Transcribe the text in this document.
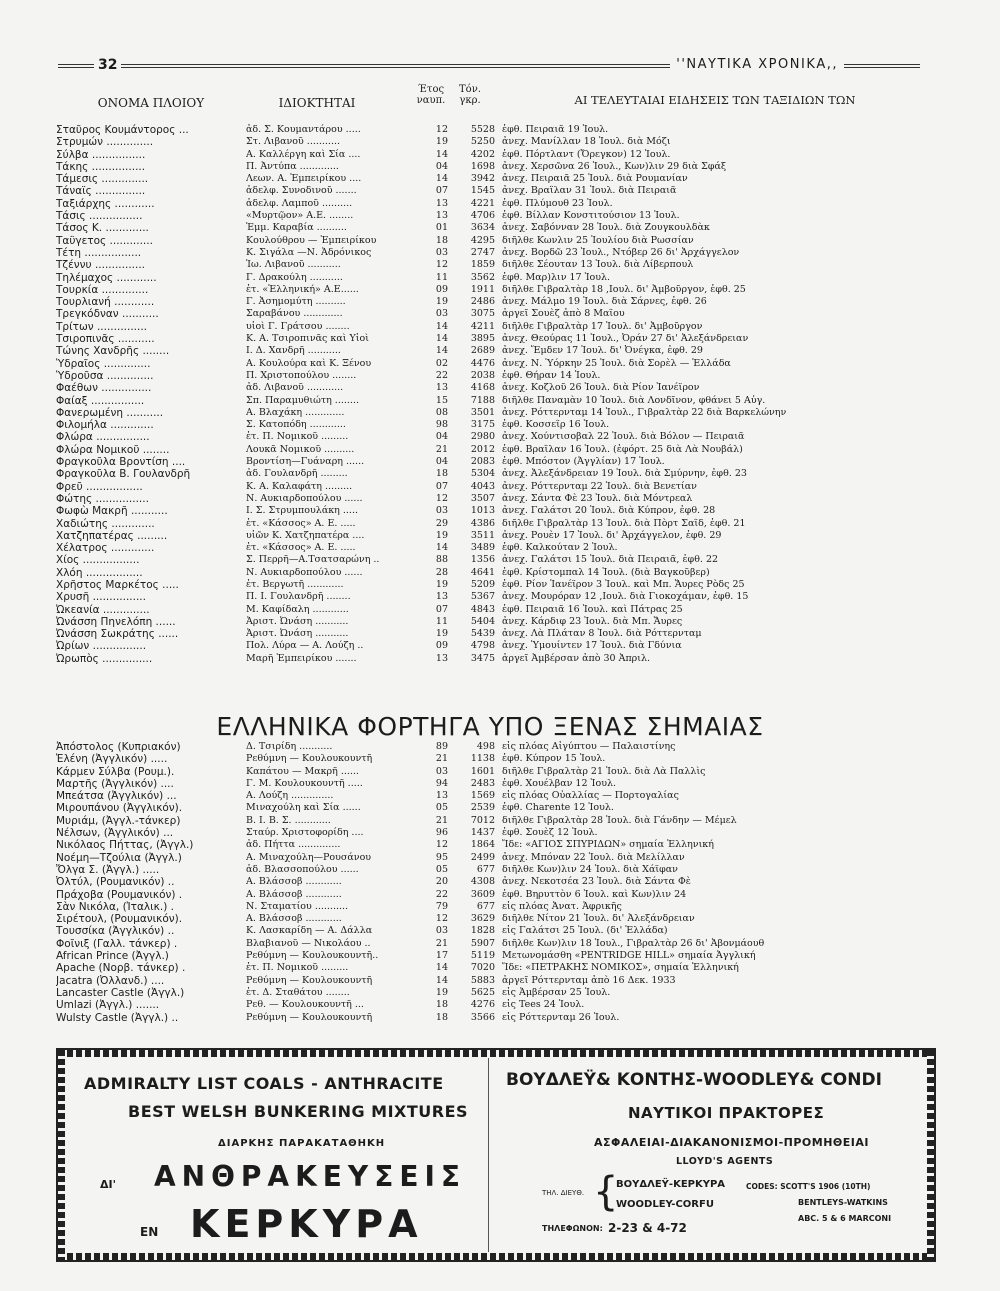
32	''ΝΑΥΤΙΚΑ ΧΡΟΝΙΚΑ,,
ΟΝΟΜΑ ΠΛΟΙΟΥ	ΙΔΙΟΚΤΗΤΑΙ
Έτος ναυπ.
Τόν. γκρ.	ΑΙ ΤΕΛΕΥΤΑΙΑΙ ΕΙΔΗΣΕΙΣ ΤΩΝ ΤΑΞΙΔΙΩΝ ΤΩΝ
Σταῦρος Κουμάντορος ...	ἀδ. Σ. Κουμαντάρου .....	12	5528 ἐφθ. Πειραιᾶ 19 Ἰουλ.
Στρυμών ..............	Στ. Λιβανοῦ ...........	19	5250 ἀνεχ. Μανίλλαν 18 Ἰουλ. διὰ Μόζι
Σύλβα ................	Α. Καλλέργη καὶ Σία ....	14	4202 ἐφθ. Πόρτλαντ (Ὄρεγκον) 12 Ἰουλ.
Τάκης ................	Π. Ἀντύπα .............	04	1698 ἀνεχ. Χερσῶνα 26 Ἰουλ., Κων)λιν 29 διὰ Σφάξ
Τάμεσις ..............	Λεων. Α. Ἐμπειρίκου ....	14	3942 ἀνεχ. Πειραιᾶ 25 Ἰουλ. διὰ Ρουμανίαν
Τάναϊς ...............	ἀδελφ. Συνοδινοῦ .......	07	1545 ἀνεχ. Βραΐλαν 31 Ἰουλ. διὰ Πειραιᾶ
Ταξιάρχης ............	ἀδελφ. Λαμποῦ ..........	13	4221 ἐφθ. Πλύμουθ 23 Ἰουλ.
Τάσις ................	«Μυρτῷον» Α.Ε. ........	13	4706 ἐφθ. Βίλλαν Κονστιτούσιον 13 Ἰουλ.
Τάσος Κ. .............	Ἐμμ. Καραβία ..........	01	3634 ἀνεχ. Σαβόνναν 28 Ἰουλ. διὰ Ζουγκουλδὰκ
Ταΰγετος .............	Κουλούθρου — Ἐμπειρίκου	18	4295 διῆλθε Κωνλιν 25 Ἰουλίου διὰ Ρωσσίαν
Τέτη .................	Κ. Σιγάλα —Ν. Ἀδρόνικος	03	2747 ἀνεχ. Βορδῶ 23 Ἰουλ., Ντόβερ 26 δι' Ἀρχάγγελον
Τζέννυ ...............	Ἰω. Λιβανοῦ ...........	12	1859 διῆλθε Σέουταν 13 Ἰουλ. διὰ Λίβερπουλ
Τηλέμαχος ............	Γ. Δρακούλη ...........	11	3562 ἐφθ. Μαρ)λιν 17 Ἰουλ.
Τουρκία ..............	ἑτ. «Ἑλληνική» Α.Ε......	09	1911 διῆλθε Γιβραλτὰρ 18 ,Ιουλ. δι' Ἀμβοῦργον, ἐφθ. 25
Τουρλιανή ............	Γ. Ἀσημομύτη ..........	19	2486 ἀνεχ. Μάλμο 19 Ἰουλ. διὰ Σάρνες, ἐφθ. 26
Τρεγκόδναν ...........	Σαραβάνου .............	03	3075 ἀργεῖ Σουὲζ ἀπὸ 8 Μαΐου
Τρίτων ...............	υἱοὶ Γ. Γράτσου ........	14	4211 διῆλθε Γιβραλτὰρ 17 Ἰουλ. δι' Ἀμβοῦργον
Τσιροπινᾶς ...........	Κ. Α. Τσιροπινᾶς καὶ Υἱοὶ	14	3895 ἀνεχ. Θεούρας 11 Ἰουλ., Ὀράν 27 δι' Ἀλεξάνδρειαν
Τώνης Χανδρῆς ........	Ι. Δ. Χανδρῆ ...........	14	2689 ἀνεχ. Ἔμδεν 17 Ἰουλ. δι' Ὀνέγκα, ἐφθ. 29
Ὑδραῖος ..............	Α. Κουλούρα καὶ Κ. Ξένου	02	4476 ἀνεχ. Ν. Ὑόρκην 25 Ἰουλ. διὰ Σορὲλ — Ἑλλάδα
Ὑδροῦσα ..............	Π. Χριστοπούλου ........	22	2038 ἐφθ. Θήραν 14 Ἰουλ.
Φαέθων ...............	ἀδ. Λιβανοῦ ............	13	4168 ἀνεχ. Κοζλοῦ 26 Ἰουλ. διὰ Ρίον Ἰανέϊρον
Φαίαξ ................	Σπ. Παραμυθιώτη ........	15	7188 διῆλθε Παναμὰν 10 Ἰουλ. διὰ Λονδῖνον, φθάνει 5 Αὐγ.
Φανερωμένη ...........	Α. Βλαχάκη .............	08	3501 ἀνεχ. Ρόττερνταμ 14 Ἰουλ., Γιβραλτὰρ 22 διὰ Βαρκελώνην
Φιλομήλα .............	Σ. Κατοπόδη ............	98	3175 ἐφθ. Κοσσεΐρ 16 Ἰουλ.
Φλώρα ................	ἑτ. Π. Νομικοῦ .........	04	2980 ἀνεχ. Χούντισοβαλ 22 Ἰουλ. διὰ Βόλον — Πειραιᾶ
Φλώρα Νομικοῦ ........	Λουκᾶ Νομικοῦ ..........	21	2012 ἐφθ. Βραΐλαν 16 Ἰουλ. (ἐφόρτ. 25 διὰ Λὰ Νουβάλ)
Φραγκοῦλα Βροντίση ....	Βροντίση—Γυάναρη ......	04	2083 ἐφθ. Μπόστον (Ἀγγλίαν) 17 Ἰουλ.
Φραγκοῦλα Β. Γουλανδρῆ	ἀδ. Γουλανδρῆ .........	18	5304 ἀνεχ. Ἀλεξάνδρειαν 19 Ἰουλ. διὰ Σμύρνην, ἐφθ. 23
Φρεῦ .................	Κ. Α. Καλαφάτη .........	07	4043 ἀνεχ. Ρόττερνταμ 22 Ἰουλ. διὰ Βενετίαν
Φώτης ................	Ν. Αυκιαρδοπούλου ......	12	3507 ἀνεχ. Σάντα Φὲ 23 Ἰουλ. διὰ Μόντρεαλ
Φωφὼ Μακρῆ ...........	Ι. Σ. Στρυμπουλάκη .....	03	1013 ἀνεχ. Γαλάτσι 20 Ἰουλ. διὰ Κύπρον, ἐφθ. 28
Χαδιώτης .............	ἑτ. «Κάσσος» Α. Ε. .....	29	4386 διῆλθε Γιβραλτὰρ 13 Ἰουλ. διὰ Πὸρτ Σαΐδ, ἐφθ. 21
Χατζηπατέρας .........	υἱῶν Κ. Χατζηπατέρα ....	19	3511 ἀνεχ. Ρουὲν 17 Ἰουλ. δι' Ἀρχάγγελον, ἐφθ. 29
Χέλατρος .............	ἑτ. «Κάσσος» Α. Ε. .....	14	3489 ἐφθ. Καλκούταν 2 Ἰουλ.
Χίος .................	Σ. Περρῆ—Α.Τσατσαρώνη ..	88	1356 ἀνεχ. Γαλάτσι 15 Ἰουλ. διὰ Πειραιᾶ, ἐφθ. 22
Χλόη .................	Ν. Αυκιαρδοπούλου ......	28	4641 ἐφθ. Κρίστομπαλ 14 Ἰουλ. (διὰ Βαγκοῦβερ)
Χρῆστος Μαρκέτος .....	ἑτ. Βεργωτῆ ............	19	5209 ἐφθ. Ρίον Ἰανέϊρον 3 Ἰουλ. καὶ Μπ. Ἄυρες Ρὸδς 25
Χρυσῆ ................	Π. Ι. Γουλανδρῆ ........	13	5367 ἀνεχ. Μουρόραν 12 ,Ιουλ. διὰ Γιοκοχάμαν, ἐφθ. 15
Ὠκεανία ..............	Μ. Καφίδαλη ............	07	4843 ἐφθ. Πειραιᾶ 16 Ἰουλ. καὶ Πάτρας 25
Ὠνάσση Πηνελόπη ......	Ἀριστ. Ὠνάση ...........	11	5404 ἀνεχ. Κάρδιφ 23 Ἰουλ. διὰ Μπ. Ἄυρες
Ὠνάσση Σωκράτης ......	Ἀριστ. Ὠνάση ...........	19	5439 ἀνεχ. Λὰ Πλάταν 8 Ἰουλ. διὰ Ρόττερνταμ
Ὠρίων ................	Πολ. Λύρα — Α. Λούζη ..	09	4798 ἀνεχ. Ὑμουίντεν 17 Ἰουλ. διὰ Γδύνια
Ὠρωπὸς ...............	Μαρῆ Ἐμπειρίκου .......	13	3475 ἀργεῖ Ἀμβέρσαν ἀπὸ 30 Ἀπριλ.
ΕΛΛΗΝΙΚΑ ΦΟΡΤΗΓΑ ΥΠΟ ΞΕΝΑΣ ΣΗΜΑΙΑΣ
Ἀπόστολος (Κυπριακόν)	Δ. Τσιρίδη ...........	89	498 εἰς πλόας Αἰγύπτου — Παλαιστίνης
Ἑλένη (Ἀγγλικόν) .....	Ρεθύμνη — Κουλουκουντῆ	21	1138 ἐφθ. Κύπρον 15 Ἰουλ.
Κάρμεν Σύλβα (Ρουμ.).	Καπάτου — Μακρῆ ......	03	1601 διῆλθε Γιβραλτὰρ 21 Ἰουλ. διὰ Λὰ Παλλὶς
Μαρτῆς (Ἀγγλικόν) ....	Γ. Μ. Κουλουκουντῆ .....	94	2483 ἐφθ. Χουέλβαν 12 Ἰουλ.
Μπεάτσα (Ἀγγλικόν) ...	Α. Λούζη ..............	13	1569 εἰς πλόας Οὐαλλίας — Πορτογαλίας
Μιρουπάνου (Ἀγγλικόν).	Μιναχούλη καὶ Σία ......	05	2539 ἐφθ. Charente 12 Ἰουλ.
Μυριάμ, (Ἀγγλ.-τάνκερ)	Β. Ι. Β. Σ. ............	21	7012 διῆλθε Γιβραλτὰρ 28 Ἰουλ. διὰ Γάνδην — Μέμελ
Νέλσων, (Ἀγγλικόν) ...	Σταύρ. Χριστοφορίδη ....	96	1437 ἐφθ. Σουὲζ 12 Ἰουλ.
Νικόλαος Πήττας, (Ἀγγλ.)	ἀδ. Πήττα ..............	12	1864 Ἴδε: «ΑΓΙΟΣ ΣΠΥΡΙΔΩΝ» σημαία Ἑλληνική
Νοέμη—Τζούλια (Ἀγγλ.)	Α. Μιναχούλη—Ρουσάνου	95	2499 ἀνεχ. Μπόναν 22 Ἰουλ. διὰ Μελίλλαν
Ὄλγα Σ. (Ἀγγλ.) .....	ἀδ. Βλασσοπούλου ......	05	677 διῆλθε Κων)λιν 24 Ἰουλ. διὰ Χάϊφαν
Ὀλτύλ, (Ρουμανικόν) ..	Α. Βλάσσοβ ............	20	4308 ἀνεχ. Νεκοτσέα 23 Ἰουλ. διὰ Σάντα Φὲ
Πράχοβα (Ρουμανικόν) .	Α. Βλάσσοβ ............	22	3609 ἐφθ. Βηρυττὸν 6 Ἰουλ. καὶ Κων)λιν 24
Σὰν Νικόλα, (Ἰταλικ.) .	Ν. Σταματίου ...........	79	677 εἰς πλόας Ἀνατ. Ἀφρικῆς
Σιρέτουλ, (Ρουμανικόν).	Α. Βλάσσοβ ............	12	3629 διῆλθε Νίτον 21 Ἰουλ. δι' Ἀλεξάνδρειαν
Τουσσίκα (Ἀγγλικόν) ..	Κ. Λασκαρίδη — Α. Δάλλα	03	1828 εἰς Γαλάτσι 25 Ἰουλ. (δι' Ἑλλάδα)
Φοῖνιξ (Γαλλ. τάνκερ) .	Βλαβιανοῦ — Νικολάου ..	21	5907 διῆλθε Κων)λιν 18 Ἰουλ., Γιβραλτὰρ 26 δι' Ἀβονμάουθ
African Prince (Ἀγγλ.)	Ρεθύμνη — Κουλουκουντῆ..	17	5119 Μετωνομάσθη «PENTRIDGE HILL» σημαία Ἀγγλική
Apache (Νορβ. τάνκερ) .	ἑτ. Π. Νομικοῦ .........	14	7020 Ἴδε: «ΠΕΤΡΑΚΗΣ ΝΟΜΙΚΟΣ», σημαία Ἑλληνική
Jacatra (Ὀλλανδ.) ....	Ρεθύμνη — Κουλουκουντῆ	14	5883 ἀργεῖ Ρόττερνταμ ἀπὸ 16 Δεκ. 1933
Lancaster Castle (Ἀγγλ.)	ἑτ. Δ. Σταθάτου ........	19	5625 εἰς Ἀμβέρσαν 25 Ἰουλ.
Umlazi (Ἀγγλ.) .......	Ρεθ. — Κουλουκουντῆ ...	18	4276 εἰς Tees 24 Ἰουλ.
Wulsty Castle (Ἀγγλ.) ..	Ρεθύμνη — Κουλουκουντῆ	18	3566 εἰς Ρόττερνταμ 26 Ἰουλ.
ADMIRALTY LIST COALS - ANTHRACITE
BEST WELSH BUNKERING MIXTURES
ΔΙΑΡΚΗΣ ΠΑΡΑΚΑΤΑΘΗΚΗ
ΔΙ' ΑΝΘΡΑΚΕΥΣΕΙΣ
ΕΝ ΚΕΡΚΥΡΑ
ΒΟΥΔΛΕΫ& ΚΟΝΤΗΣ-WOODLEY& CONDI
ΝΑΥΤΙΚΟΙ ΠΡΑΚΤΟΡΕΣ
ΑΣΦΑΛΕΙΑΙ-ΔΙΑΚΑΝΟΝΙΣΜΟΙ-ΠΡΟΜΗΘΕΙΑΙ
LLOYD'S AGENTS
ΤΗΛ. ΔΙΕΥΘ. {
ΒΟΥΔΛΕΫ-ΚΕΡΚΥΡΑ
WOODLEY-CORFU
ΤΗΛΕΦΩΝΟΝ: 2-23 & 4-72
CODES: SCOTT'S 1906 (10TH)
BENTLEYS-WATKINS
ABC. 5 & 6 MARCONI
